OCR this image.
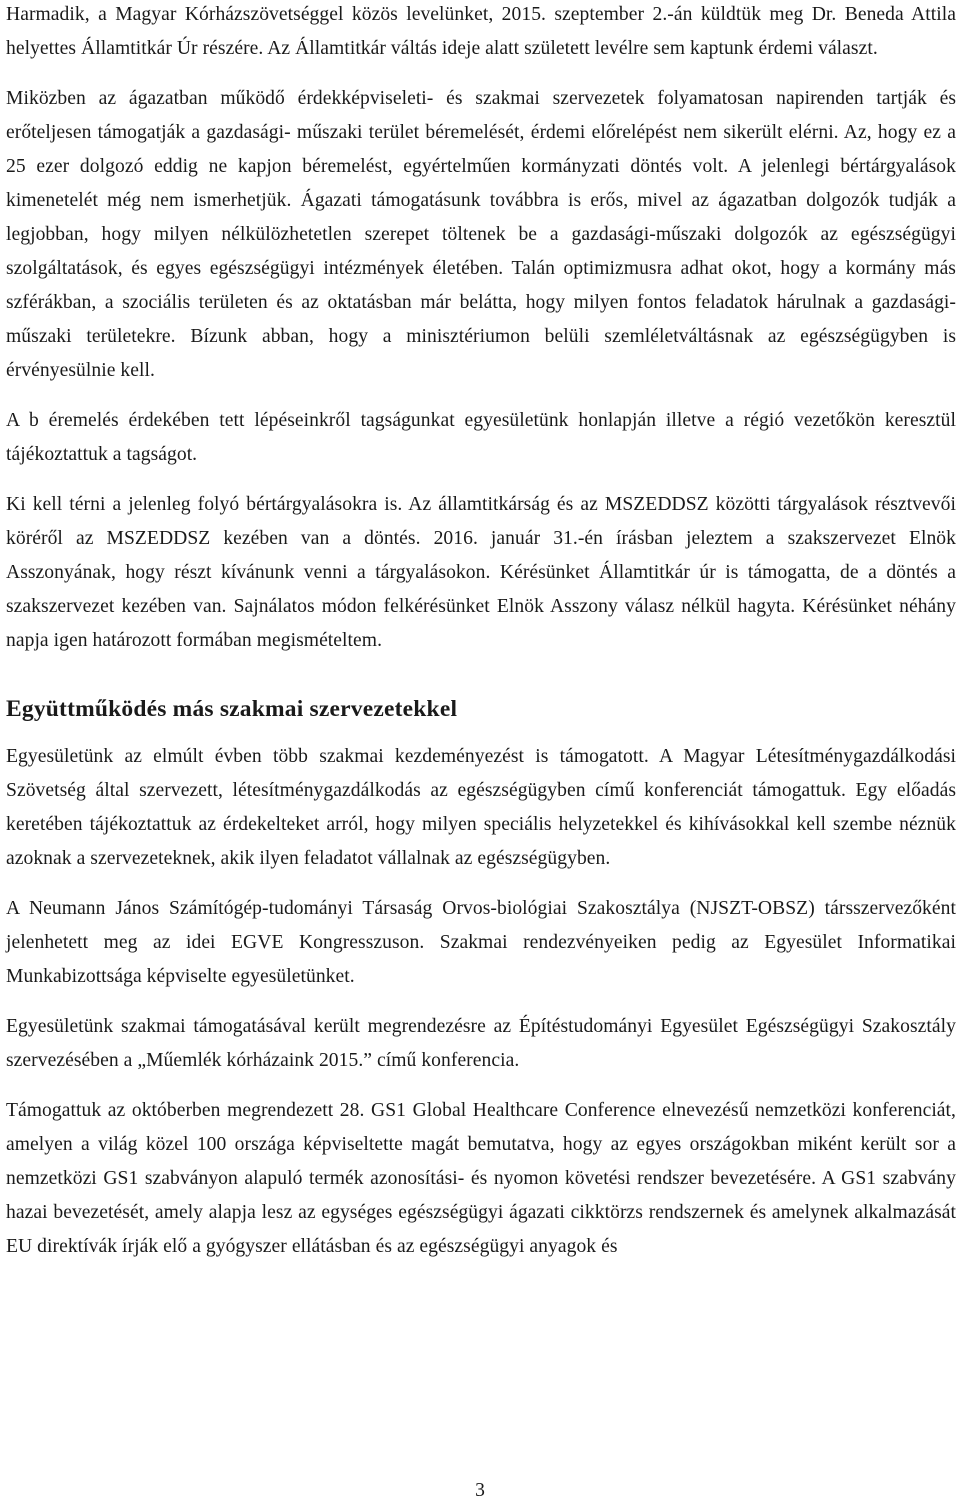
Harmadik, a Magyar Kórházszövetséggel közös levelünket, 2015. szeptember 2.-án küldtük meg Dr. Beneda Attila helyettes Államtitkár Úr részére. Az Államtitkár váltás ideje alatt született levélre sem kaptunk érdemi választ.

Miközben az ágazatban működő érdekképviseleti- és szakmai szervezetek folyamatosan napirenden tartják és erőteljesen támogatják a gazdasági- műszaki terület béremelését, érdemi előrelépést nem sikerült elérni. Az, hogy ez a 25 ezer dolgozó eddig ne kapjon béremelést, egyértelműen kormányzati döntés volt. A jelenlegi bértárgyalások kimenetelét még nem ismerhetjük. Ágazati támogatásunk továbbra is erős, mivel az ágazatban dolgozók tudják a legjobban, hogy milyen nélkülözhetetlen szerepet töltenek be a gazdasági-műszaki dolgozók az egészségügyi szolgáltatások, és egyes egészségügyi intézmények életében. Talán optimizmusra adhat okot, hogy a kormány más szférákban, a szociális területen és az oktatásban már belátta, hogy milyen fontos feladatok hárulnak a gazdasági-műszaki területekre. Bízunk abban, hogy a minisztériumon belüli szemléletváltásnak az egészségügyben is érvényesülnie kell.

A b éremelés érdekében tett lépéseinkről tagságunkat egyesületünk honlapján illetve a régió vezetőkön keresztül tájékoztattuk a tagságot.

Ki kell térni a jelenleg folyó bértárgyalásokra is. Az államtitkárság és az MSZEDDSZ közötti tárgyalások résztvevői köréről az MSZEDDSZ kezében van a döntés. 2016. január 31.-én írásban jeleztem a szakszervezet Elnök Asszonyának, hogy részt kívánunk venni a tárgyalásokon. Kérésünket Államtitkár úr is támogatta, de a döntés a szakszervezet kezében van. Sajnálatos módon felkérésünket Elnök Asszony válasz nélkül hagyta. Kérésünket néhány napja igen határozott formában megismételtem.

Együttműködés más szakmai szervezetekkel

Egyesületünk az elmúlt évben több szakmai kezdeményezést is támogatott. A Magyar Létesítménygazdálkodási Szövetség által szervezett, létesítménygazdálkodás az egészségügyben című konferenciát támogattuk. Egy előadás keretében tájékoztattuk az érdekelteket arról, hogy milyen speciális helyzetekkel és kihívásokkal kell szembe néznük azoknak a szervezeteknek, akik ilyen feladatot vállalnak az egészségügyben.

A Neumann János Számítógép-tudományi Társaság Orvos-biológiai Szakosztálya (NJSZT-OBSZ) társszervezőként jelenhetett meg az idei EGVE Kongresszuson. Szakmai rendezvényeiken pedig az Egyesület Informatikai Munkabizottsága képviselte egyesületünket.

Egyesületünk szakmai támogatásával került megrendezésre az Építéstudományi Egyesület Egészségügyi Szakosztály szervezésében a „Műemlék kórházaink 2015.” című konferencia.

Támogattuk az októberben megrendezett 28. GS1 Global Healthcare Conference elnevezésű nemzetközi konferenciát, amelyen a világ közel 100 országa képviseltette magát bemutatva, hogy az egyes országokban miként került sor a nemzetközi GS1 szabványon alapuló termék azonosítási- és nyomon követési rendszer bevezetésére. A GS1 szabvány hazai bevezetését, amely alapja lesz az egységes egészségügyi ágazati cikktörzs rendszernek és amelynek alkalmazását EU direktívák írják elő a gyógyszer ellátásban és az egészségügyi anyagok és

3
